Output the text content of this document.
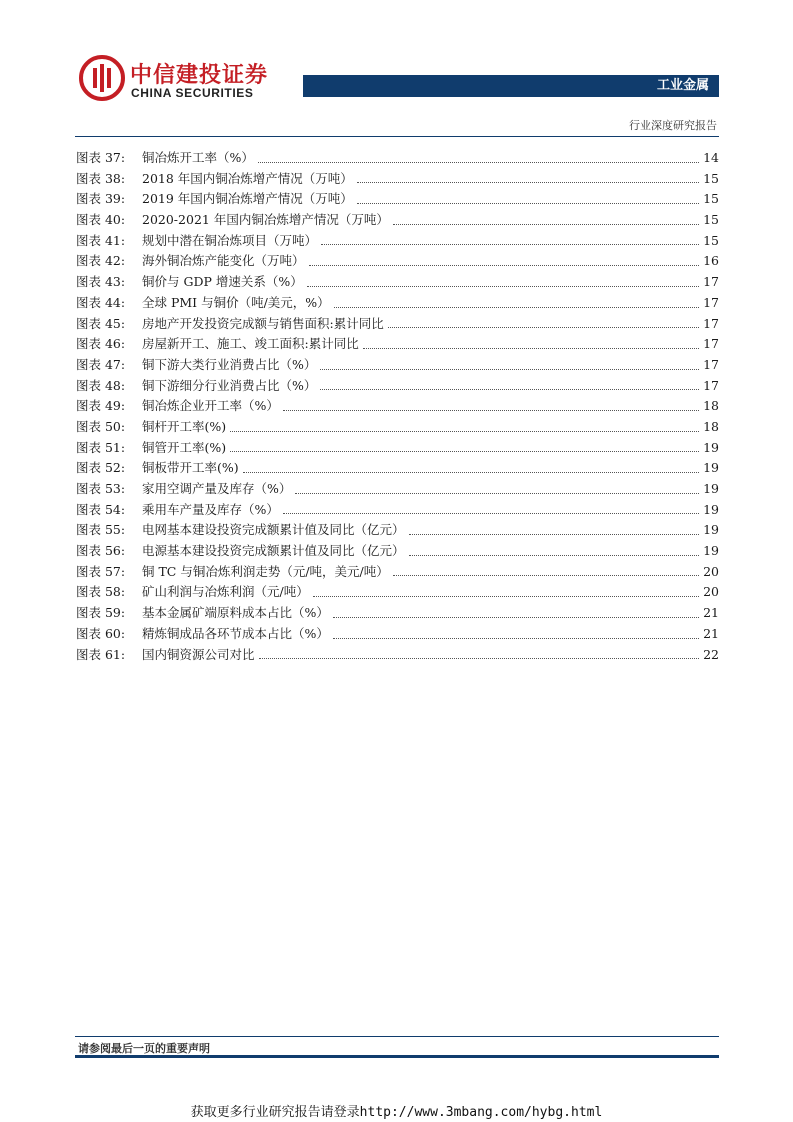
中信建投证券
CHINA SECURITIES	工业金属
行业深度研究报告
图表 37:	铜冶炼开工率（%）	14
图表 38:	2018 年国内铜冶炼增产情况（万吨）	15
图表 39:	2019 年国内铜冶炼增产情况（万吨）	15
图表 40:	2020-2021 年国内铜冶炼增产情况（万吨）	15
图表 41:	规划中潜在铜冶炼项目（万吨）	15
图表 42:	海外铜冶炼产能变化（万吨）	16
图表 43:	铜价与 GDP 增速关系（%）	17
图表 44:	全球 PMI 与铜价（吨/美元，%）	17
图表 45:	房地产开发投资完成额与销售面积:累计同比	17
图表 46:	房屋新开工、施工、竣工面积:累计同比	17
图表 47:	铜下游大类行业消费占比（%）	17
图表 48:	铜下游细分行业消费占比（%）	17
图表 49:	铜冶炼企业开工率（%）	18
图表 50:	铜杆开工率(%)	18
图表 51:	铜管开工率(%)	19
图表 52:	铜板带开工率(%)	19
图表 53:	家用空调产量及库存（%）	19
图表 54:	乘用车产量及库存（%）	19
图表 55:	电网基本建设投资完成额累计值及同比（亿元）	19
图表 56:	电源基本建设投资完成额累计值及同比（亿元）	19
图表 57:	铜 TC 与铜冶炼利润走势（元/吨，美元/吨）	20
图表 58:	矿山利润与冶炼利润（元/吨）	20
图表 59:	基本金属矿端原料成本占比（%）	21
图表 60:	精炼铜成品各环节成本占比（%）	21
图表 61:	国内铜资源公司对比	22
请参阅最后一页的重要声明
获取更多行业研究报告请登录http://www.3mbang.com/hybg.html
